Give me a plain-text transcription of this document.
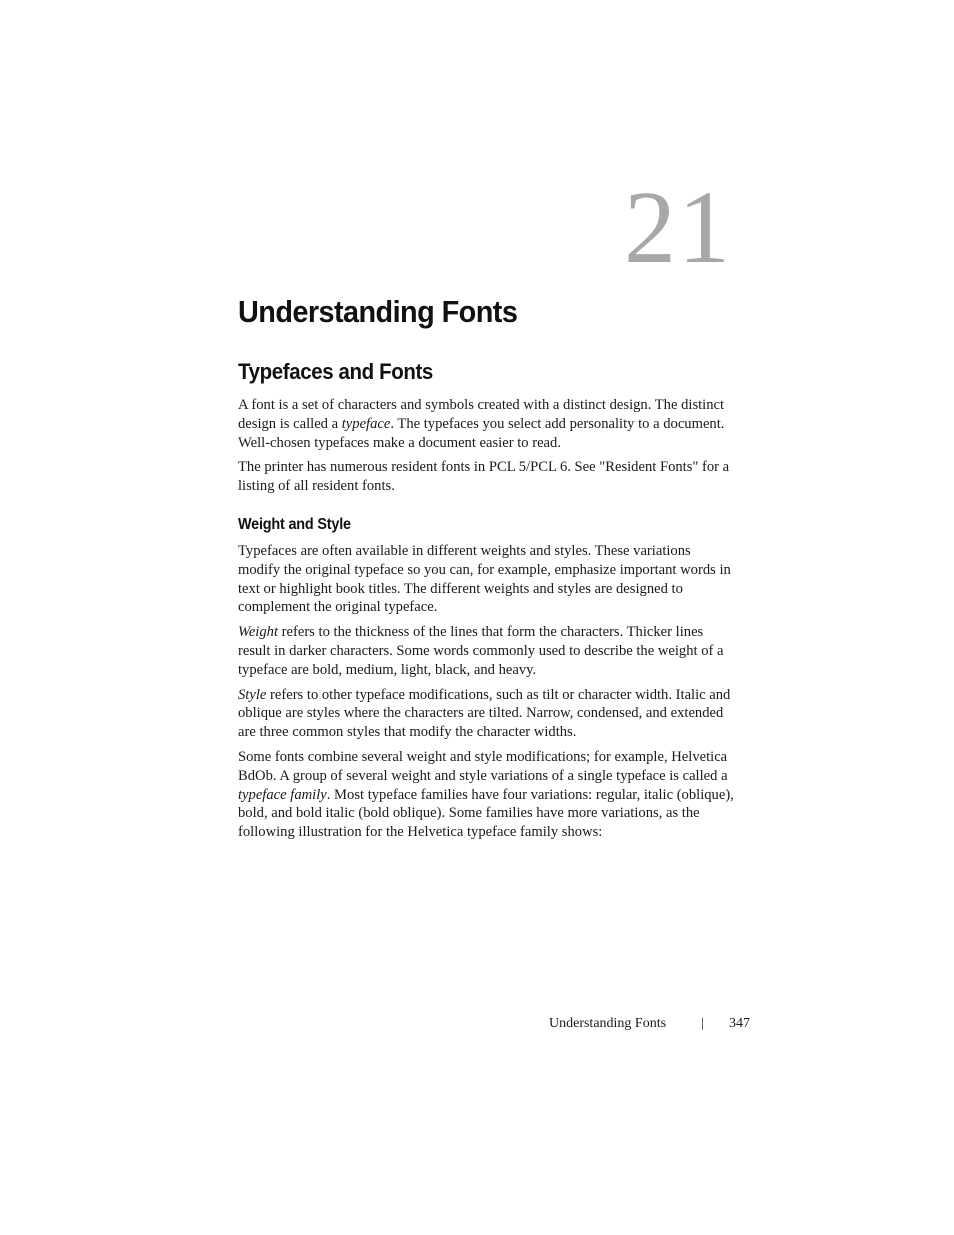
21
Understanding Fonts
Typefaces and Fonts

A font is a set of characters and symbols created with a distinct design. The distinct design is called a typeface. The typefaces you select add personality to a document. Well-chosen typefaces make a document easier to read.

The printer has numerous resident fonts in PCL 5/PCL 6. See "Resident Fonts" for a listing of all resident fonts.

Weight and Style

Typefaces are often available in different weights and styles. These variations modify the original typeface so you can, for example, emphasize important words in text or highlight book titles. The different weights and styles are designed to complement the original typeface.

Weight refers to the thickness of the lines that form the characters. Thicker lines result in darker characters. Some words commonly used to describe the weight of a typeface are bold, medium, light, black, and heavy.

Style refers to other typeface modifications, such as tilt or character width. Italic and oblique are styles where the characters are tilted. Narrow, condensed, and extended are three common styles that modify the character widths.

Some fonts combine several weight and style modifications; for example, Helvetica BdOb. A group of several weight and style variations of a single typeface is called a typeface family. Most typeface families have four variations: regular, italic (oblique), bold, and bold italic (bold oblique). Some families have more variations, as the following illustration for the Helvetica typeface family shows:

Understanding Fonts | 347
